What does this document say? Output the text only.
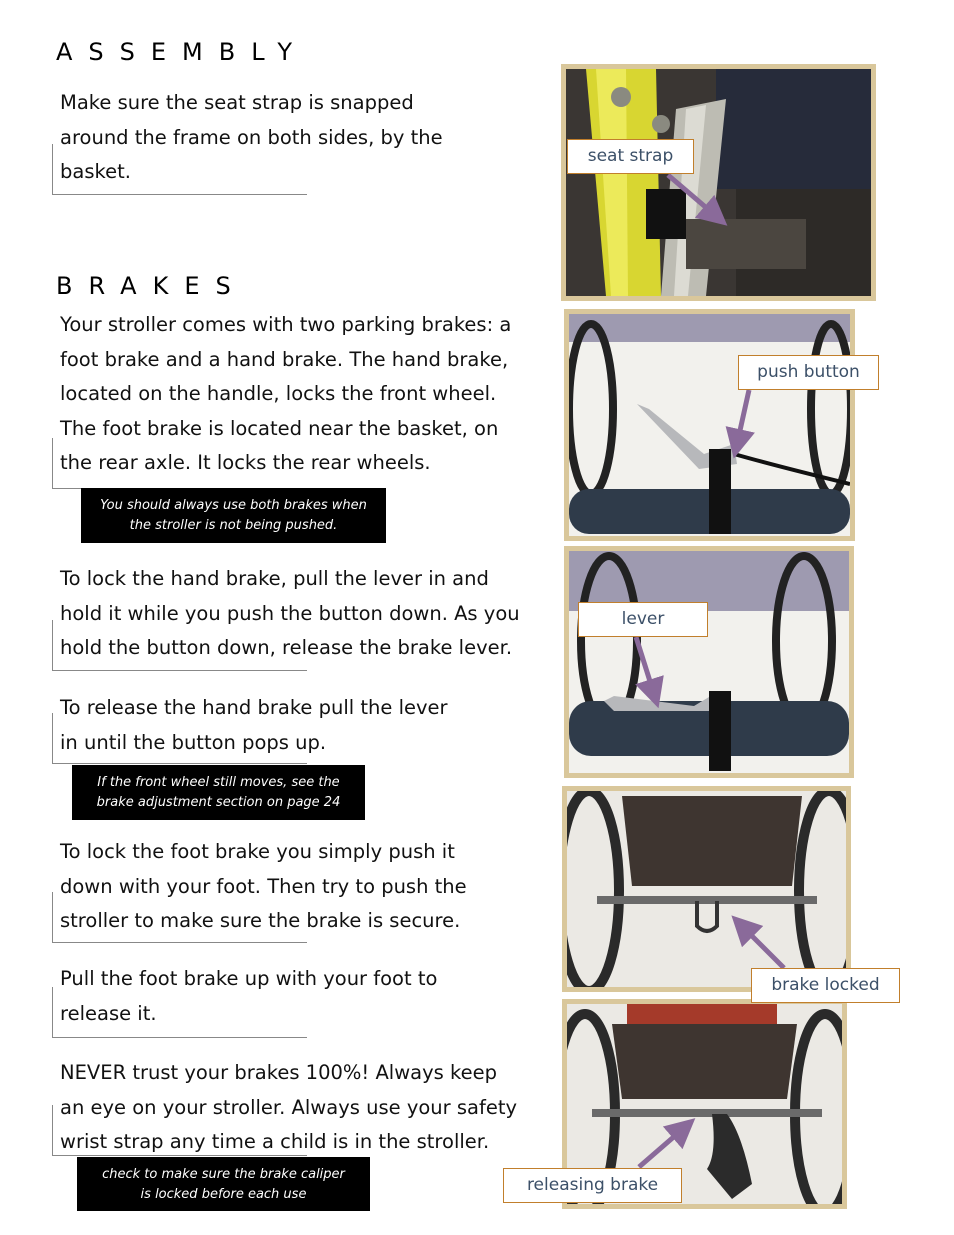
ASSEMBLY
Make sure the seat strap is snapped
around the frame on both sides, by the
basket.
BRAKES
Your stroller comes with two parking brakes: a
foot brake and a hand brake. The hand brake,
located on the handle, locks the front wheel.
The foot brake is located near the basket, on
the rear axle. It locks the rear wheels.
You should always use both brakes when
the stroller is not being pushed.
To lock the hand brake, pull the lever in and
hold it while you push the button down. As you
hold the button down, release the brake lever.
To release the hand brake pull the lever
in until the button pops up.
If the front wheel still moves, see the
brake adjustment section on page 24
To lock the foot brake you simply push it
down with your foot. Then try to push the
stroller to make sure the brake is secure.
Pull the foot brake up with your foot to
release it.
NEVER trust your brakes 100%! Always keep
an eye on your stroller. Always use your safety
wrist strap any time a child is in the stroller.
check to make sure the brake caliper
is locked before each use
seat strap
push button
lever
brake locked
releasing brake
